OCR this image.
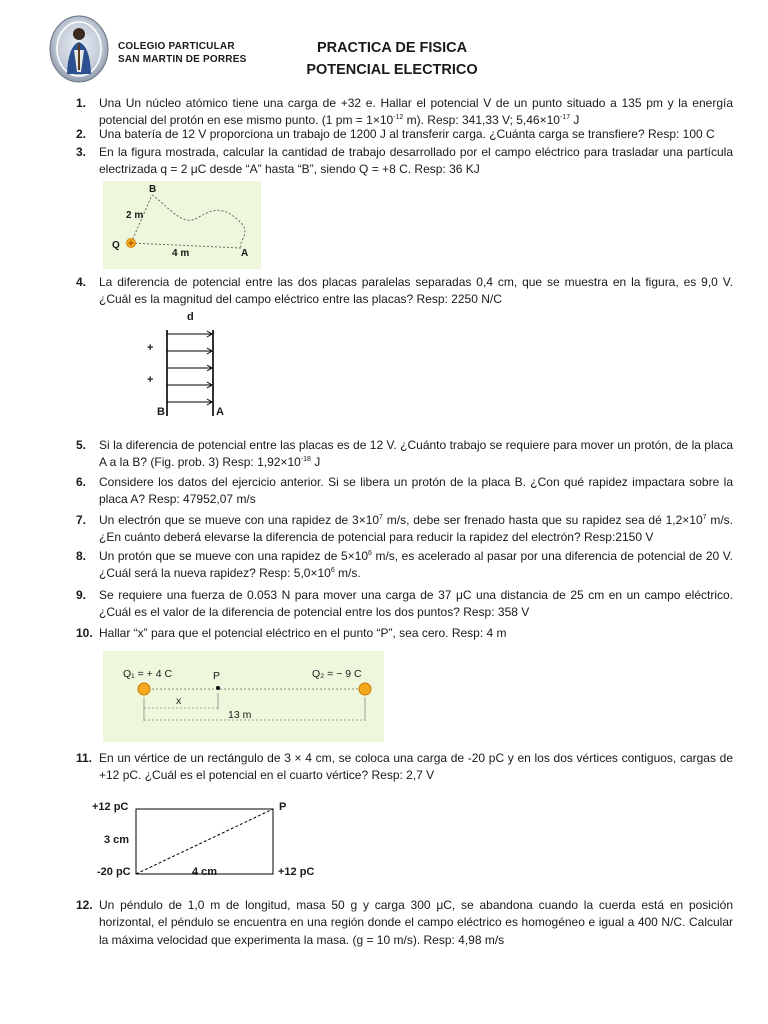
COLEGIO PARTICULAR
SAN MARTIN DE PORRES
PRACTICA DE FISICA
POTENCIAL ELECTRICO
1.	Una Un núcleo atómico tiene una carga de +32 e. Hallar el potencial V de un punto situado a 135 pm y la energía potencial del protón en ese mismo punto. (1 pm = $1\times 10^{-12}$ m). Resp: 341,33 V; $5,46\times 10^{-17}$ J
2.	Una batería de 12 V proporciona un trabajo de 1200 J al transferir carga. ¿Cuánta carga se transfiere? Resp: 100 C
3.	En la figura mostrada, calcular la cantidad de trabajo desarrollado por el campo eléctrico para trasladar una partícula electrizada q = 2 μC desde “A” hasta “B”, siendo Q = +8 C. Resp: 36 KJ
B
2 m
Q
4 m	A
4.	La diferencia de potencial entre las dos placas paralelas separadas 0,4 cm, que se muestra en la figura, es 9,0 V. ¿Cuál es la magnitud del campo eléctrico entre las placas? Resp: 2250 N/C
d
+
+
B	A
5.	Si la diferencia de potencial entre las placas es de 12 V. ¿Cuánto trabajo se requiere para mover un protón, de la placa A a la B? (Fig. prob. 3) Resp: $1,92\times 10^{-18}$ J
6.	Considere los datos del ejercicio anterior. Si se libera un protón de la placa B. ¿Con qué rapidez impactara sobre la placa A? Resp: 47952,07 m/s
7.	Un electrón que se mueve con una rapidez de $3\times 10^7$ m/s, debe ser frenado hasta que su rapidez sea dé $1,2\times 10^7$ m/s. ¿En cuánto deberá elevarse la diferencia de potencial para reducir la rapidez del electrón? Resp:2150 V
8.	Un protón que se mueve con una rapidez de $5\times 10^6$ m/s, es acelerado al pasar por una diferencia de potencial de 20 V. ¿Cuál será la nueva rapidez? Resp: $5,0\times 10^6$ m/s.
9.	Se requiere una fuerza de 0.053 N para mover una carga de 37 μC una distancia de 25 cm en un campo eléctrico. ¿Cuál es el valor de la diferencia de potencial entre los dos puntos? Resp: 358 V
10. Hallar “x” para que el potencial eléctrico en el punto “P”, sea cero. Resp: 4 m
Q₁ = + 4 C	P	Q₂ = − 9 C
x
13 m
11. En un vértice de un rectángulo de 3 × 4 cm, se coloca una carga de -20 pC y en los dos vértices contiguos, cargas de +12 pC. ¿Cuál es el potencial en el cuarto vértice? Resp: 2,7 V
+12 pC	P
3 cm
-20 pC	4 cm	+12 pC
12. Un péndulo de 1,0 m de longitud, masa 50 g y carga 300 μC, se abandona cuando la cuerda está en posición horizontal, el péndulo se encuentra en una región donde el campo eléctrico es homogéneo e igual a 400 N/C. Calcular la máxima velocidad que experimenta la masa. (g = 10 m/s). Resp: 4,98 m/s
